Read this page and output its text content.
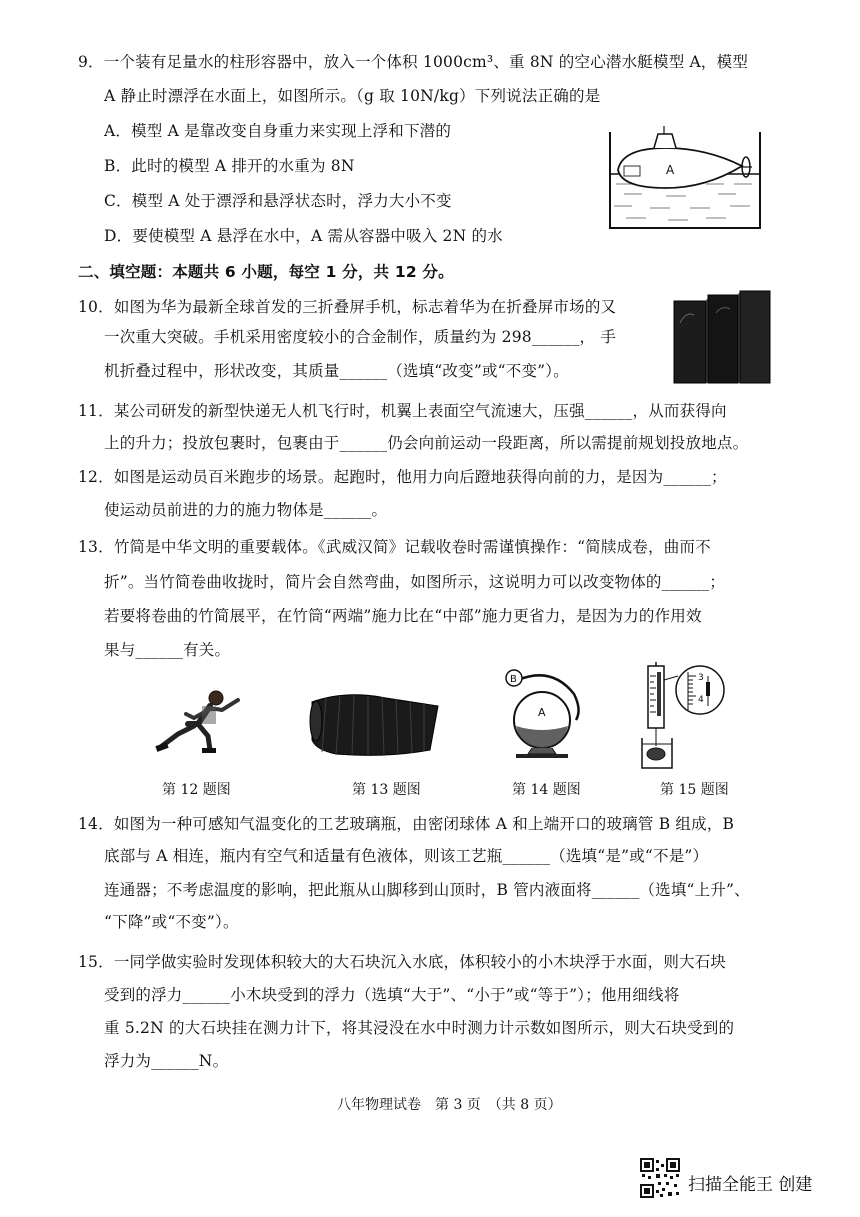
9．一个装有足量水的柱形容器中，放入一个体积 1000cm³、重 8N 的空心潜水艇模型 A，模型
A 静止时漂浮在水面上，如图所示。（g 取 10N/kg）下列说法正确的是
A．模型 A 是靠改变自身重力来实现上浮和下潜的
B．此时的模型 A 排开的水重为 8N
C．模型 A 处于漂浮和悬浮状态时，浮力大小不变
D．要使模型 A 悬浮在水中，A 需从容器中吸入 2N 的水
A
二、填空题：本题共 6 小题，每空 1 分，共 12 分。
10．如图为华为最新全球首发的三折叠屏手机，标志着华为在折叠屏市场的又
一次重大突破。手机采用密度较小的合金制作，质量约为 298______， 手
机折叠过程中，形状改变，其质量______（选填“改变”或“不变”）。
11．某公司研发的新型快递无人机飞行时，机翼上表面空气流速大，压强______，从而获得向
上的升力；投放包裹时，包裹由于______仍会向前运动一段距离，所以需提前规划投放地点。
12．如图是运动员百米跑步的场景。起跑时，他用力向后蹬地获得向前的力，是因为______；
使运动员前进的力的施力物体是______。
13．竹简是中华文明的重要载体。《武威汉简》记载收卷时需谨慎操作：“简牍成卷，曲而不
折”。当竹简卷曲收拢时，简片会自然弯曲，如图所示，这说明力可以改变物体的______；
若要将卷曲的竹简展平，在竹筒“两端”施力比在“中部”施力更省力，是因为力的作用效
果与______有关。
B
A
3
4
第 12 题图	第 13 题图	第 14 题图	第 15 题图
14．如图为一种可感知气温变化的工艺玻璃瓶，由密闭球体 A 和上端开口的玻璃管 B 组成，B
底部与 A 相连，瓶内有空气和适量有色液体，则该工艺瓶______（选填“是”或“不是”）
连通器；不考虑温度的影响，把此瓶从山脚移到山顶时，B 管内液面将______（选填“上升”、
“下降”或“不变”）。
15．一同学做实验时发现体积较大的大石块沉入水底，体积较小的小木块浮于水面，则大石块
受到的浮力______小木块受到的浮力（选填“大于”、“小于”或“等于”）；他用细线将
重 5.2N 的大石块挂在测力计下，将其浸没在水中时测力计示数如图所示，则大石块受到的
浮力为______N。
八年物理试卷　第 3 页　（共 8 页）
扫描全能王 创建
